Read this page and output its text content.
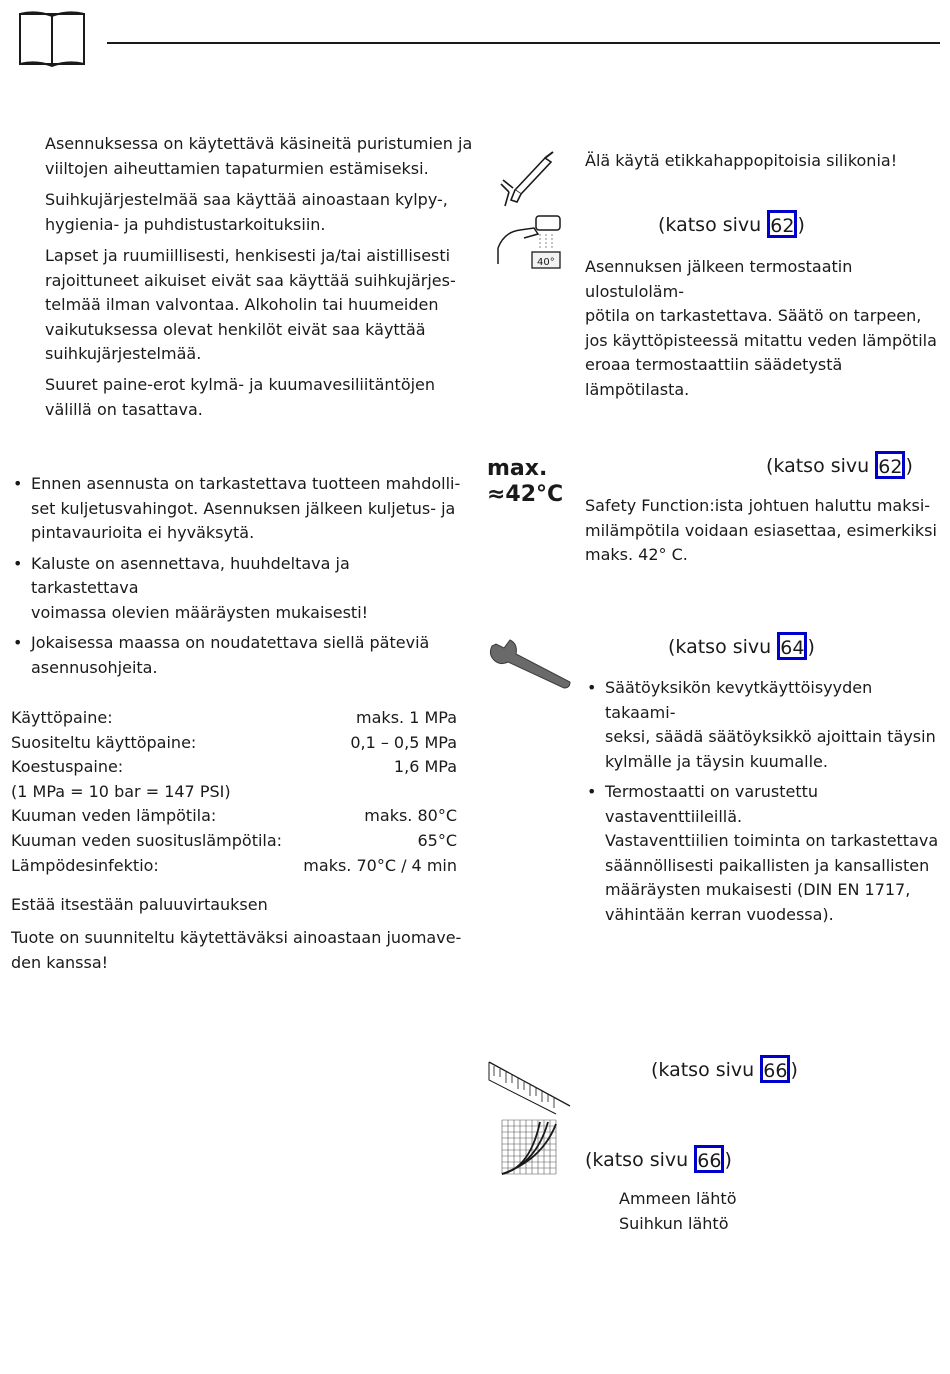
Asennuksessa on käytettävä käsineitä puristumien ja
viiltojen aiheuttamien tapaturmien estämiseksi.
Suihkujärjestelmää saa käyttää ainoastaan kylpy-,
hygienia- ja puhdistustarkoituksiin.
Lapset ja ruumiillisesti, henkisesti ja/tai aistillisesti
rajoittuneet aikuiset eivät saa käyttää suihkujärjes-
telmää ilman valvontaa. Alkoholin tai huumeiden
vaikutuksessa olevat henkilöt eivät saa käyttää
suihkujärjestelmää.
Suuret paine-erot kylmä- ja kuumavesiliitäntöjen
välillä on tasattava.
• Ennen asennusta on tarkastettava tuotteen mahdolli-
set kuljetusvahingot. Asennuksen jälkeen kuljetus- ja
pintavaurioita ei hyväksytä.
• Kaluste on asennettava, huuhdeltava ja tarkastettava
voimassa olevien määräysten mukaisesti!
• Jokaisessa maassa on noudatettava siellä päteviä
asennusohjeita.
Käyttöpaine:	maks. 1 MPa
Suositeltu käyttöpaine:	0,1 – 0,5 MPa
Koestuspaine:	1,6 MPa
(1 MPa = 10 bar = 147 PSI)
Kuuman veden lämpötila:	maks. 80°C
Kuuman veden suosituslämpötila:	65°C
Lämpödesinfektio:	maks. 70°C / 4 min
Estää itsestään paluuvirtauksen
Tuote on suunniteltu käytettäväksi ainoastaan juomave-
den kanssa!
Älä käytä etikkahappopitoisia silikonia!
40°
(katso sivu 62 )
Asennuksen jälkeen termostaatin ulostuloläm-
pötila on tarkastettava. Säätö on tarpeen,
jos käyttöpisteessä mitattu veden lämpötila
eroaa termostaattiin säädetystä lämpötilasta.
max.
≈42°C
(katso sivu 62 )
Safety Function:ista johtuen haluttu maksi-
milämpötila voidaan esiasettaa, esimerkiksi
maks. 42° C.
(katso sivu 64 )
• Säätöyksikön kevytkäyttöisyyden takaami-
seksi, säädä säätöyksikkö ajoittain täysin
kylmälle ja täysin kuumalle.
• Termostaatti on varustettu vastaventtiileillä.
Vastaventtiilien toiminta on tarkastettava
säännöllisesti paikallisten ja kansallisten
määräysten mukaisesti (DIN EN 1717,
vähintään kerran vuodessa).
(katso sivu 66 )
(katso sivu 66 )
Ammeen lähtö
Suihkun lähtö
